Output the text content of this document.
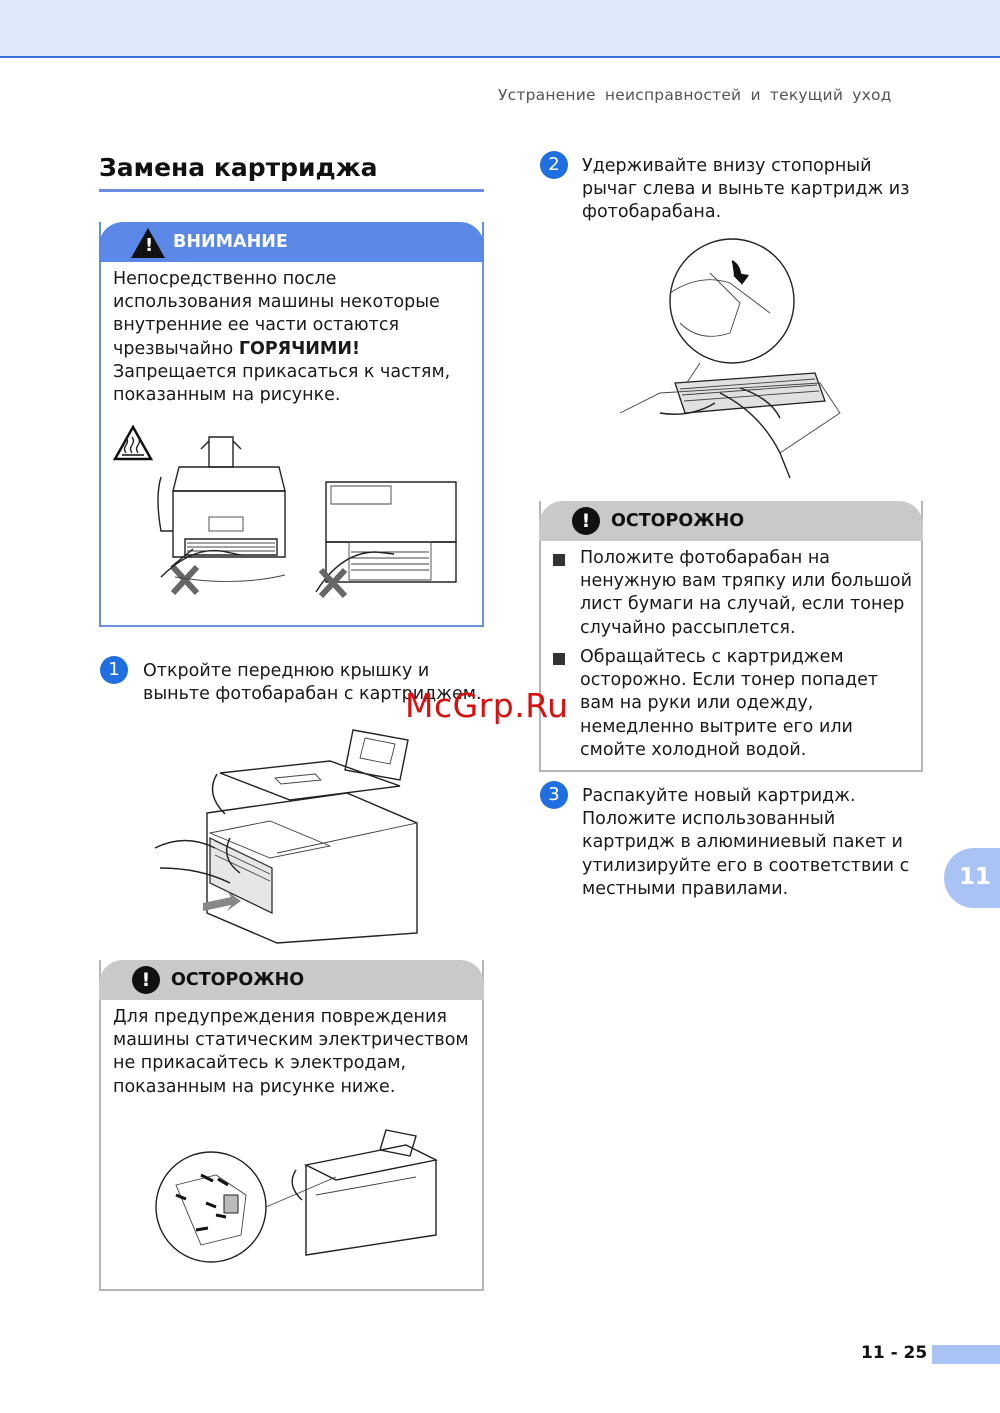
Устранение неисправностей и текущий уход
Замена картриджа
! ВНИМАНИЕ
Непосредственно после использования машины некоторые внутренние ее части остаются чрезвычайно ГОРЯЧИМИ!
Запрещается прикасаться к частям, показанным на рисунке.
1	Откройте переднюю крышку и выньте фотобарабан с картриджем.
!	ОСТОРОЖНО
Для предупреждения повреждения машины статическим электричеством не прикасайтесь к электродам, показанным на рисунке ниже.
2	Удерживайте внизу стопорный рычаг слева и выньте картридж из фотобарабана.
!	ОСТОРОЖНО
Положите фотобарабан на ненужную вам тряпку или большой лист бумаги на случай, если тонер случайно рассыплется.
Обращайтесь с картриджем осторожно. Если тонер попадет вам на руки или одежду, немедленно вытрите его или смойте холодной водой.
3	Распакуйте новый картридж. Положите использованный картридж в алюминиевый пакет и утилизируйте его в соответствии с местными правилами.	11
McGrp.Ru
11 - 25
